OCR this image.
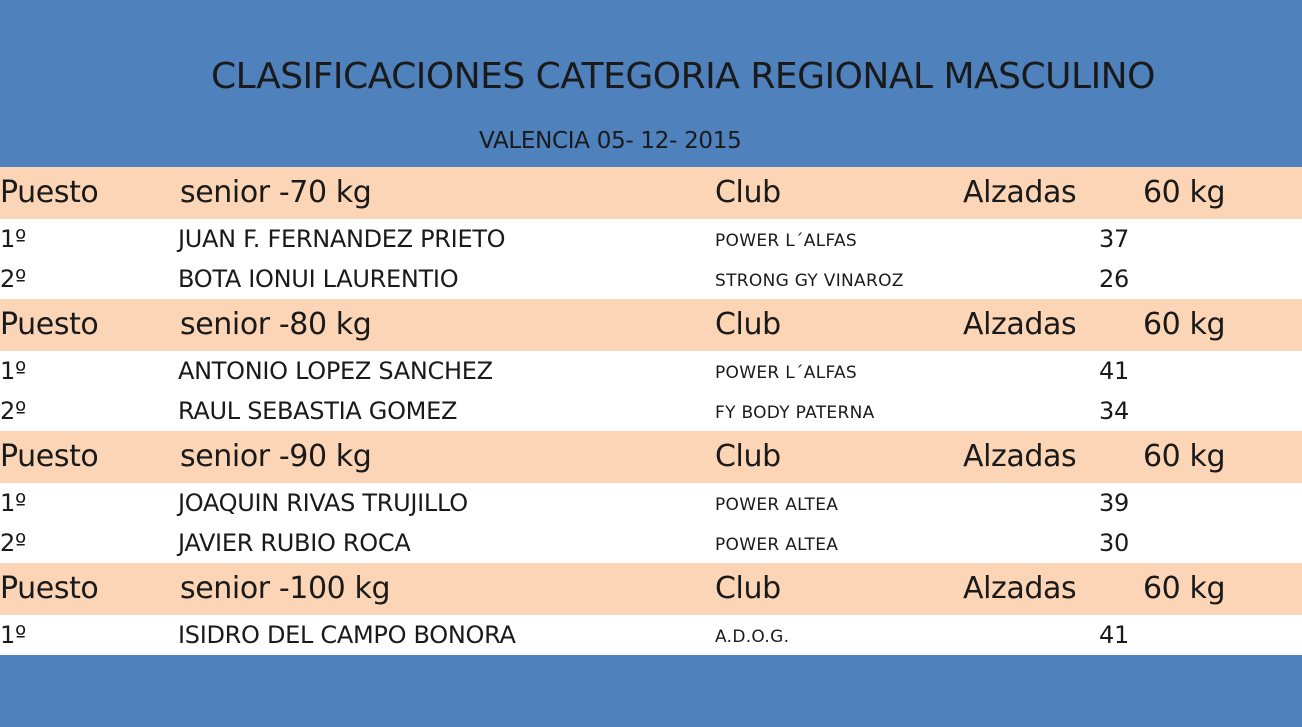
CLASIFICACIONES CATEGORIA REGIONAL MASCULINO
VALENCIA 05- 12- 2015
Puesto	senior -70 kg	Club	Alzadas 60 kg
1º	JUAN F. FERNANDEZ PRIETO	POWER L´ALFAS	37
2º	BOTA IONUI LAURENTIO	STRONG GY VINAROZ	26
Puesto	senior -80 kg	Club	Alzadas 60 kg
1º	ANTONIO LOPEZ SANCHEZ	POWER L´ALFAS	41
2º	RAUL SEBASTIA GOMEZ	FY BODY PATERNA	34
Puesto	senior -90 kg	Club	Alzadas 60 kg
1º	JOAQUIN RIVAS TRUJILLO	POWER ALTEA	39
2º	JAVIER RUBIO ROCA	POWER ALTEA	30
Puesto	senior -100 kg	Club	Alzadas 60 kg
1º	ISIDRO DEL CAMPO BONORA	A.D.O.G.	41
